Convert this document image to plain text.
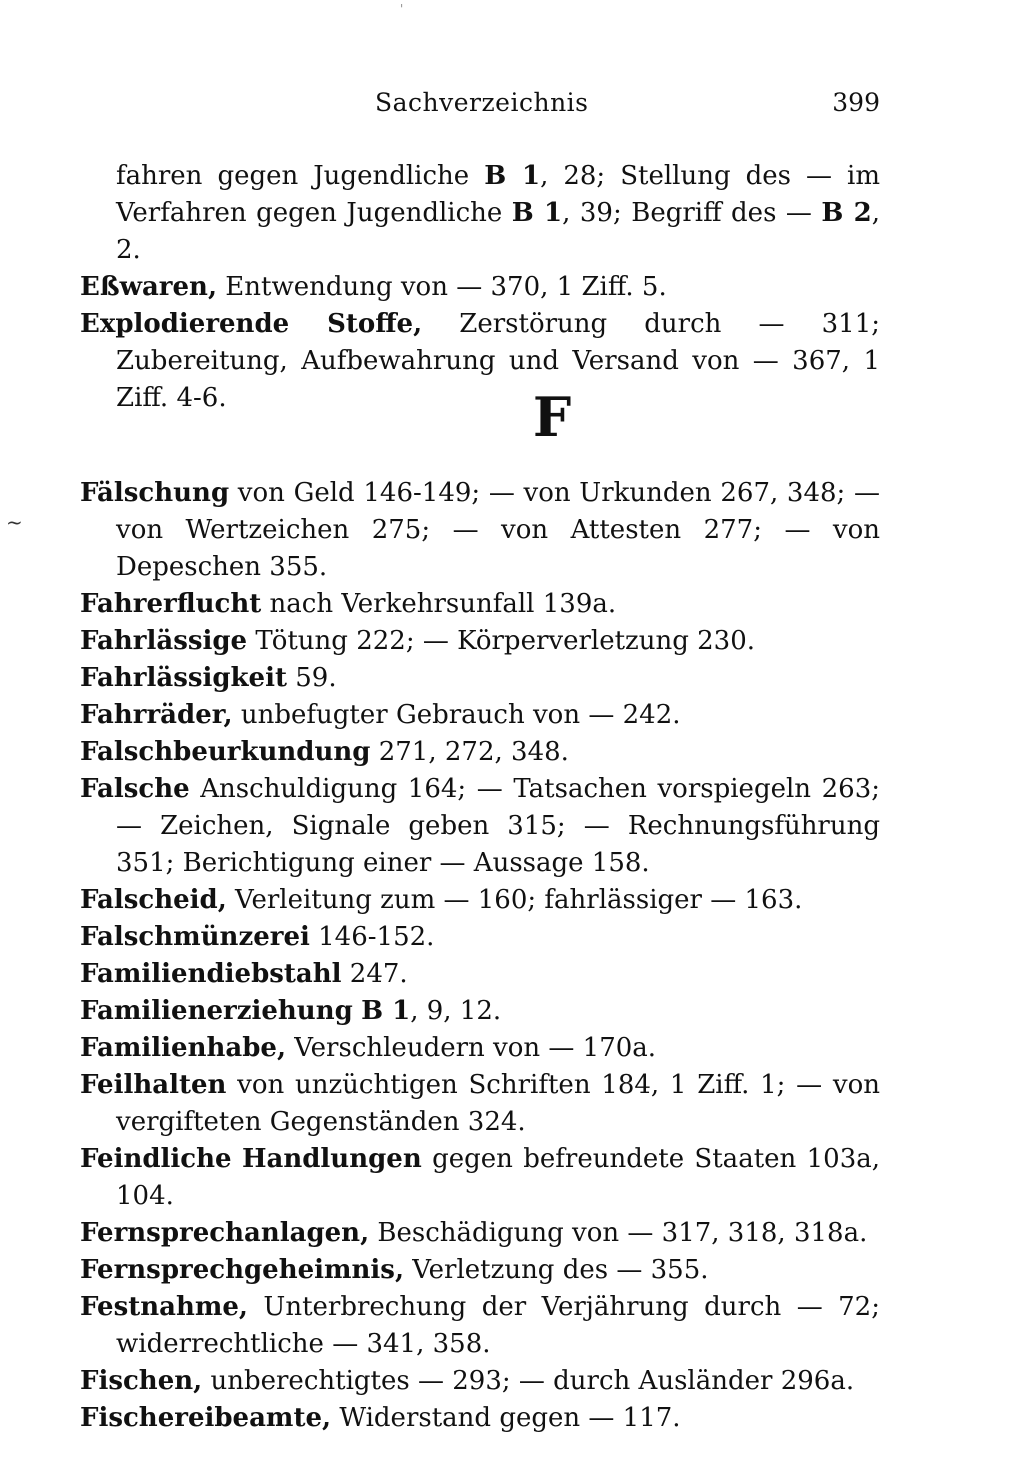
'
Sachverzeichnis	399

fahren gegen Jugendliche B 1, 28; Stellung des — im Verfahren gegen Jugendliche B 1, 39; Begriff des — B 2, 2.

Eßwaren, Entwendung von — 370, 1 Ziff. 5.

Explodierende Stoffe, Zerstörung durch — 311; Zubereitung, Aufbewahrung und Versand von — 367, 1 Ziff. 4-6.	F
~

Fälschung von Geld 146-149; — von Urkunden 267, 348; — von Wertzeichen 275; — von Attesten 277; — von Depeschen 355.

Fahrerflucht nach Verkehrsunfall 139a.

Fahrlässige Tötung 222; — Körperverletzung 230.

Fahrlässigkeit 59.

Fahrräder, unbefugter Gebrauch von — 242.

Falschbeurkundung 271, 272, 348.

Falsche Anschuldigung 164; — Tatsachen vorspiegeln 263; — Zeichen, Signale geben 315; — Rechnungsführung 351; Berichtigung einer — Aussage 158.

Falscheid, Verleitung zum — 160; fahrlässiger — 163.

Falschmünzerei 146-152.

Familiendiebstahl 247.

Familienerziehung B 1, 9, 12.

Familienhabe, Verschleudern von — 170a.

Feilhalten von unzüchtigen Schriften 184, 1 Ziff. 1; — von vergifteten Gegenständen 324.

Feindliche Handlungen gegen befreundete Staaten 103a, 104.

Fernsprechanlagen, Beschädigung von — 317, 318, 318a.

Fernsprechgeheimnis, Verletzung des — 355.

Festnahme, Unterbrechung der Verjährung durch — 72; widerrechtliche — 341, 358.

Fischen, unberechtigtes — 293; — durch Ausländer 296a.

Fischereibeamte, Widerstand gegen — 117.
